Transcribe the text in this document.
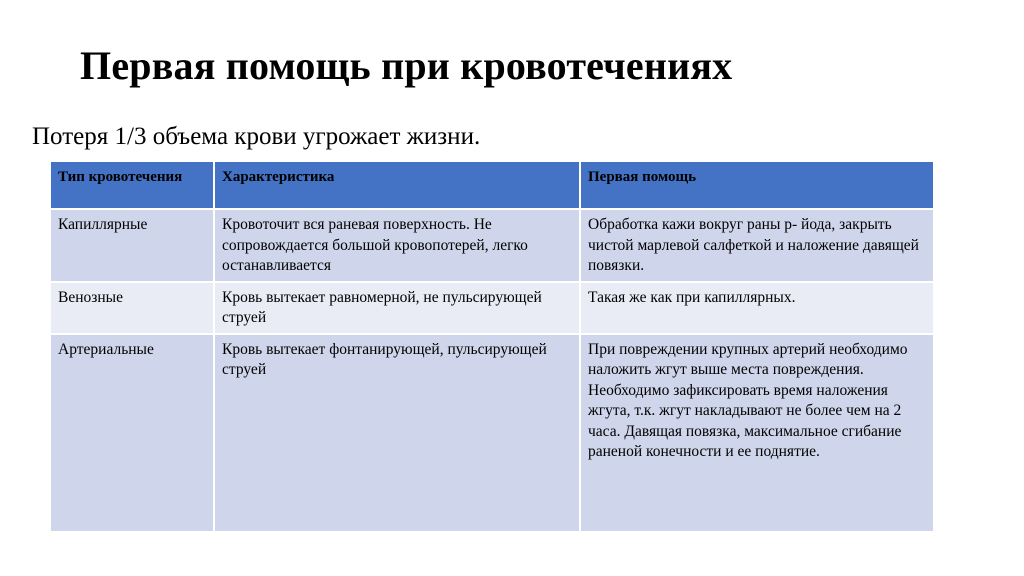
Первая помощь при кровотечениях
Потеря 1/3 объема крови угрожает жизни.
Тип кровотечения	Характеристика	Первая помощь
Капиллярные	Кровоточит вся раневая поверхность. Не сопровождается большой кровопотерей, легко останавливается	Обработка кажи вокруг раны р- йода, закрыть чистой марлевой салфеткой и наложение давящей повязки.
Венозные	Кровь вытекает равномерной, не пульсирующей струей	Такая же как при капиллярных.
Артериальные	Кровь вытекает фонтанирующей, пульсирующей струей	При повреждении крупных артерий необходимо наложить жгут выше места повреждения. Необходимо зафиксировать время наложения жгута, т.к. жгут накладывают не более чем на 2 часа. Давящая повязка, максимальное сгибание раненой конечности и ее поднятие.
